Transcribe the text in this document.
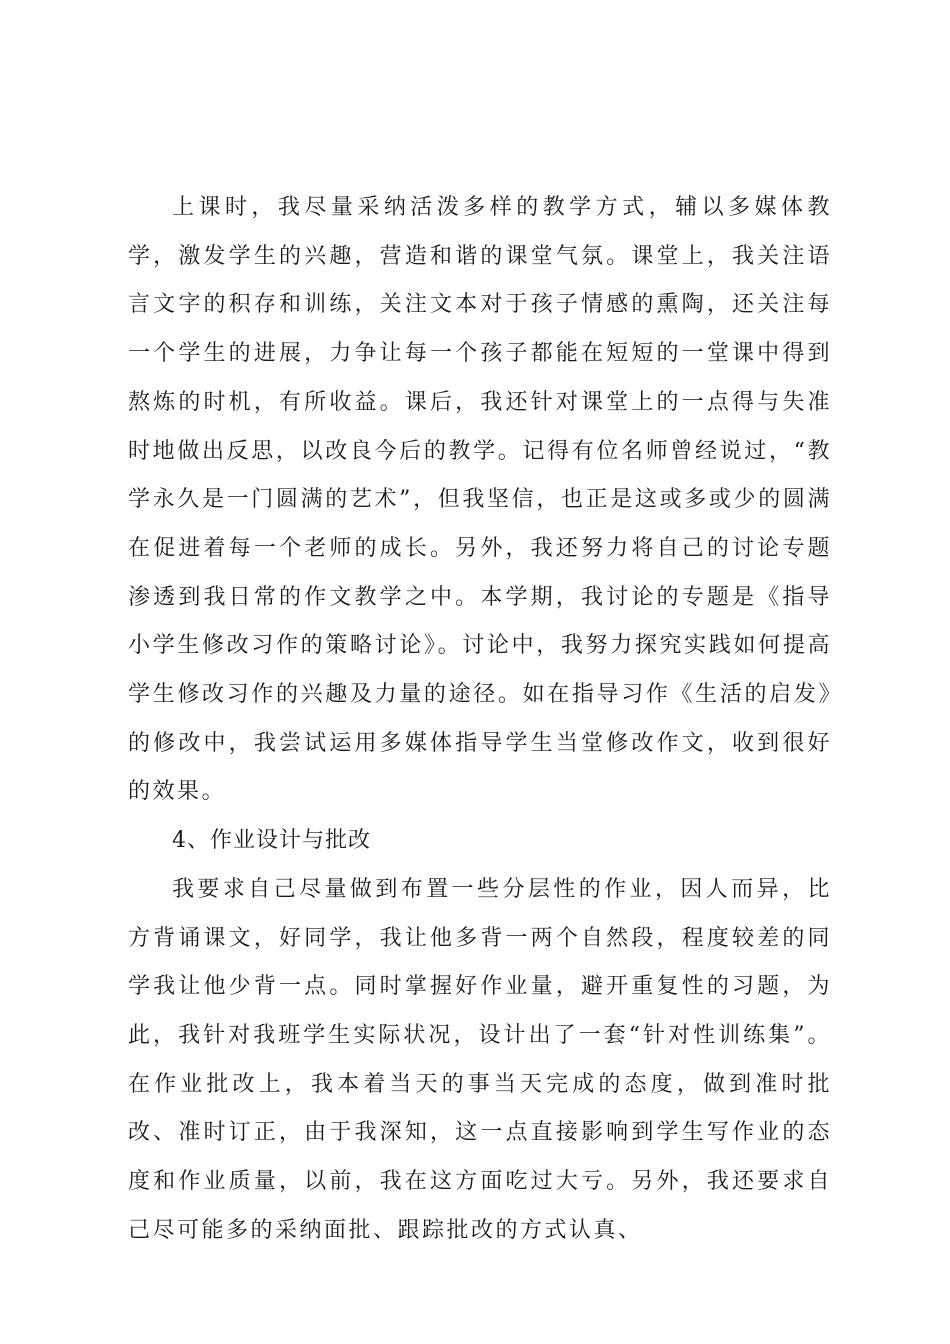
上课时，我尽量采纳活泼多样的教学方式，辅以多媒体教学，激发学生的兴趣，营造和谐的课堂气氛。课堂上，我关注语言文字的积存和训练，关注文本对于孩子情感的熏陶，还关注每一个学生的进展，力争让每一个孩子都能在短短的一堂课中得到熬炼的时机，有所收益。课后，我还针对课堂上的一点得与失准时地做出反思，以改良今后的教学。记得有位名师曾经说过，“教学永久是一门圆满的艺术”，但我坚信，也正是这或多或少的圆满在促进着每一个老师的成长。另外，我还努力将自己的讨论专题渗透到我日常的作文教学之中。本学期，我讨论的专题是《指导小学生修改习作的策略讨论》。讨论中，我努力探究实践如何提高学生修改习作的兴趣及力量的途径。如在指导习作《生活的启发》的修改中，我尝试运用多媒体指导学生当堂修改作文，收到很好的效果。

4、作业设计与批改

我要求自己尽量做到布置一些分层性的作业，因人而异，比方背诵课文，好同学，我让他多背一两个自然段，程度较差的同学我让他少背一点。同时掌握好作业量，避开重复性的习题，为此，我针对我班学生实际状况，设计出了一套“针对性训练集”。在作业批改上，我本着当天的事当天完成的态度，做到准时批改、准时订正，由于我深知，这一点直接影响到学生写作业的态度和作业质量，以前，我在这方面吃过大亏。另外，我还要求自己尽可能多的采纳面批、跟踪批改的方式认真、
